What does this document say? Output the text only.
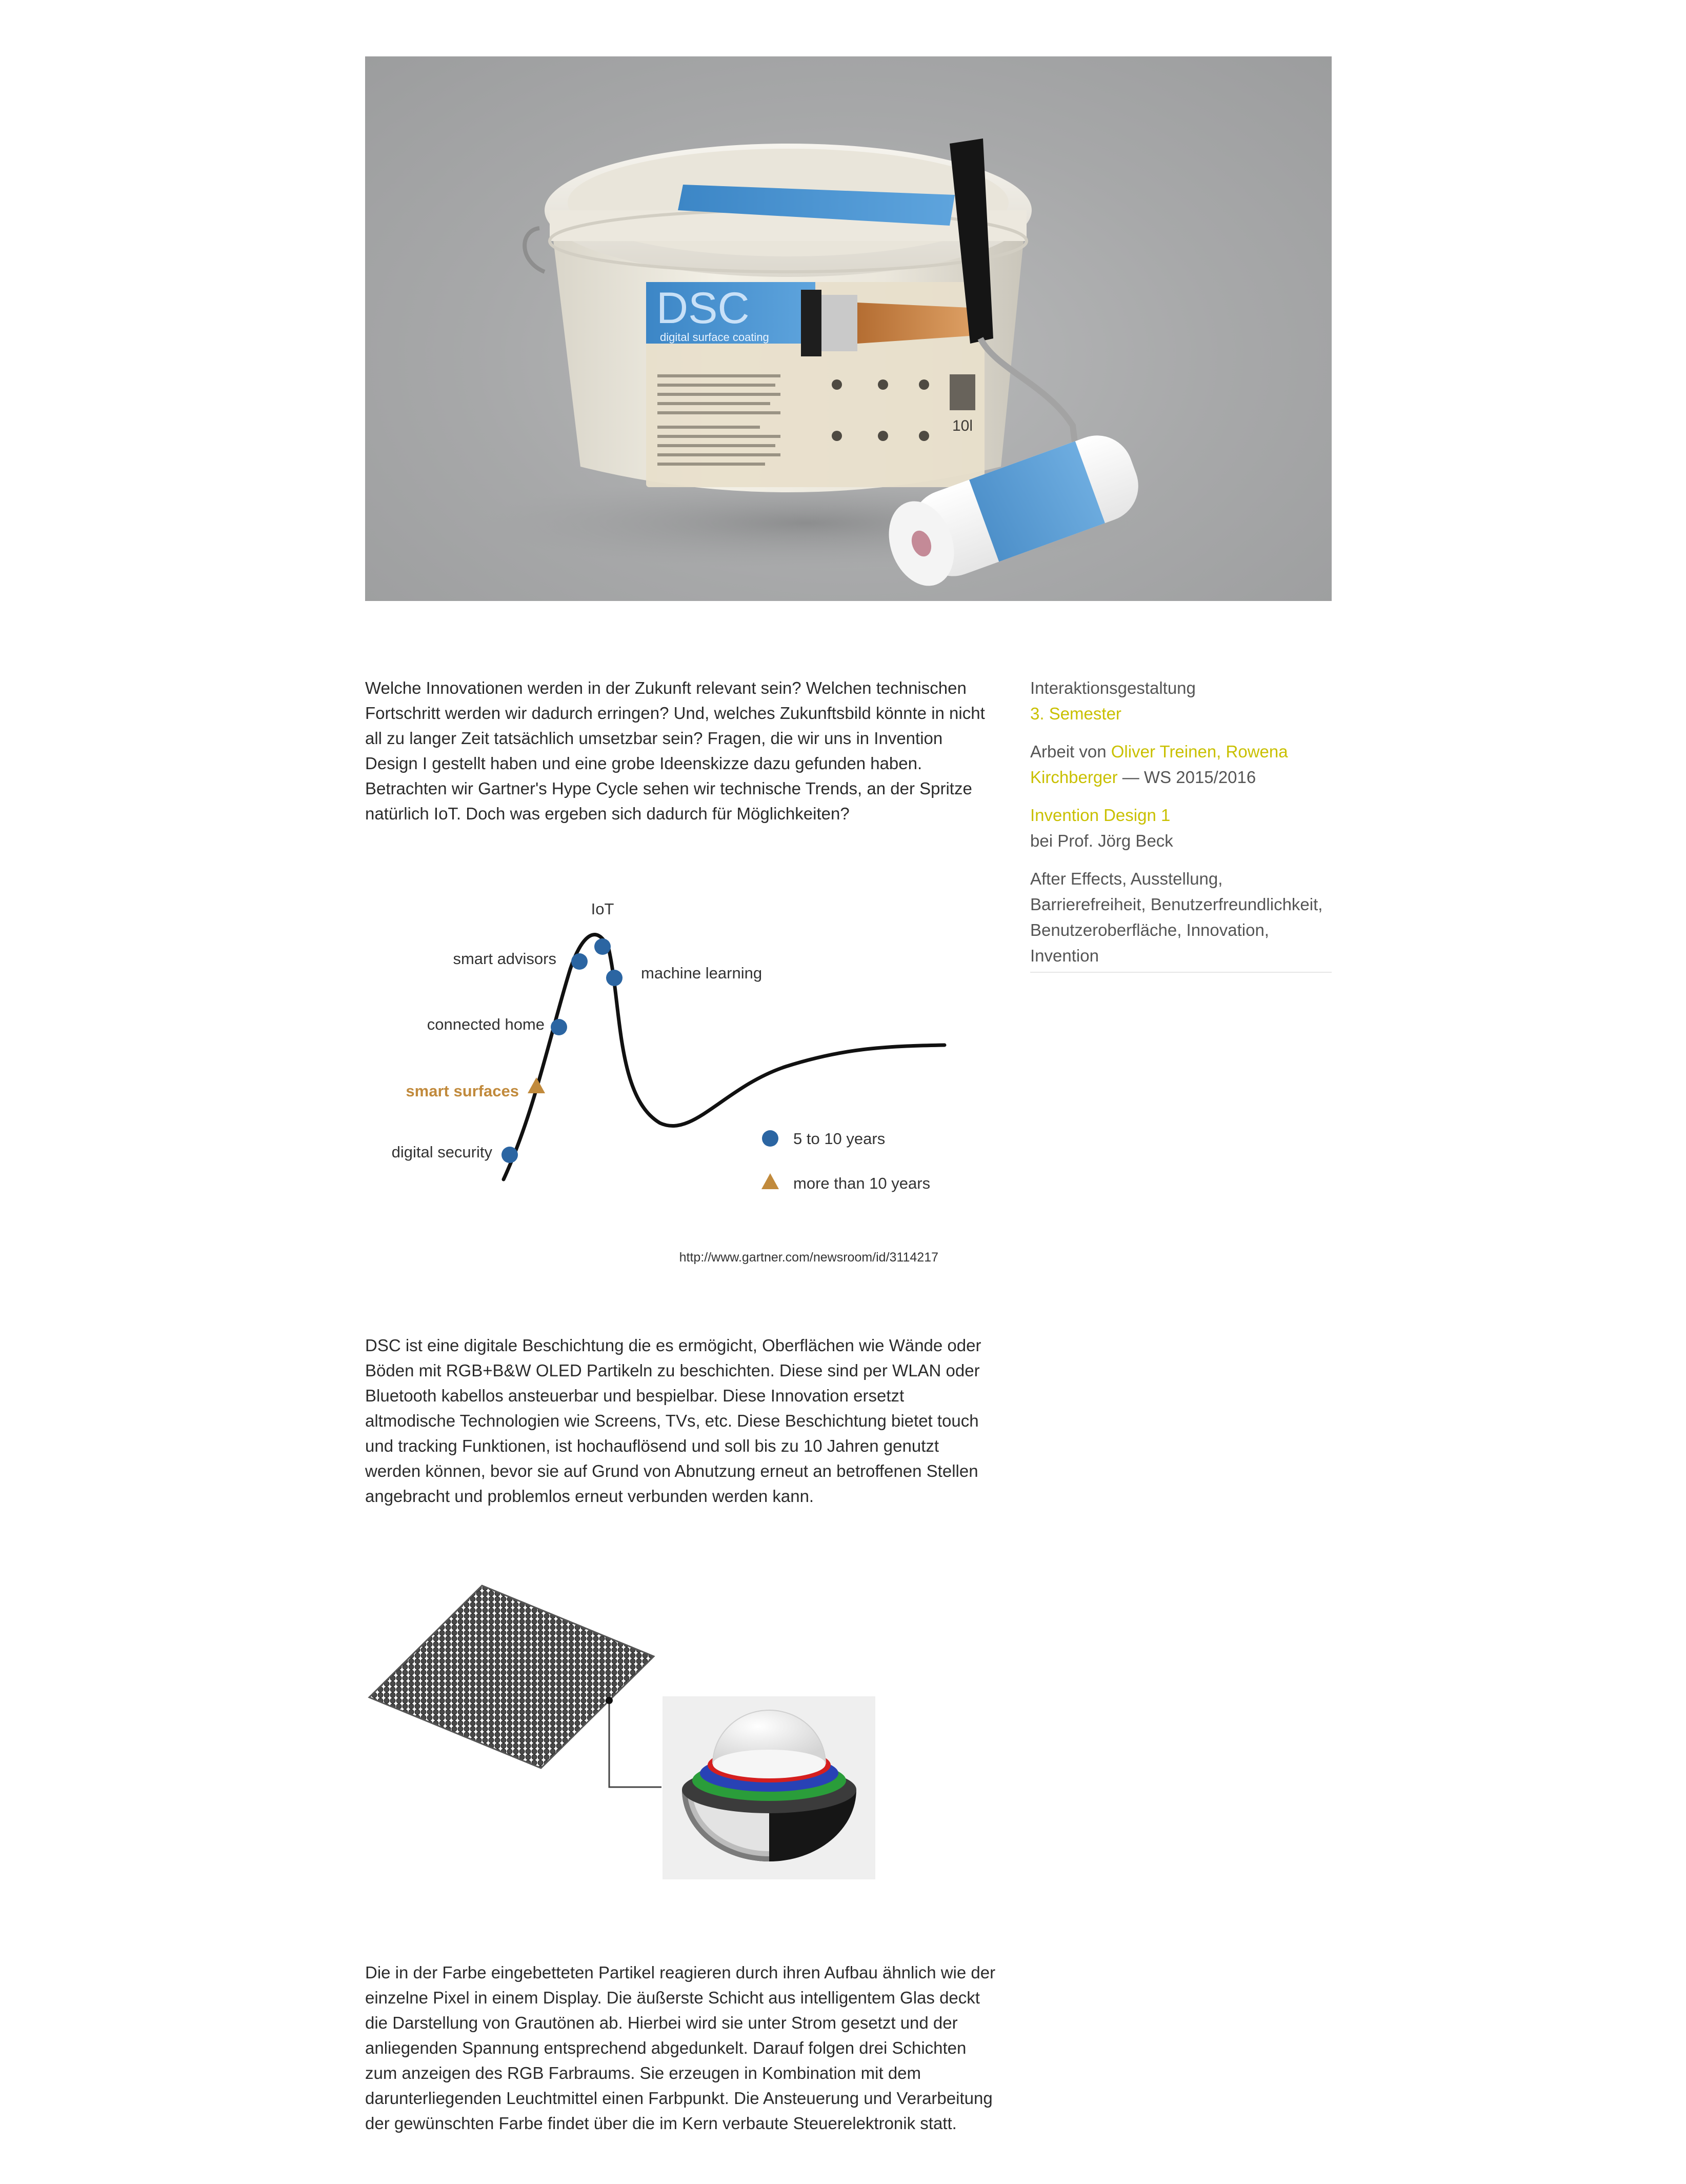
DSC
digital surface coating
10l

Welche Innovationen werden in der Zukunft relevant sein? Welchen technischen Fortschritt werden wir dadurch erringen? Und, welches Zukunftsbild könnte in nicht all zu langer Zeit tatsächlich umsetzbar sein? Fragen, die wir uns in Invention Design I gestellt haben und eine grobe Ideenskizze dazu gefunden haben. Betrachten wir Gartner's Hype Cycle sehen wir technische Trends, an der Spritze natürlich IoT. Doch was ergeben sich dadurch für Möglichkeiten?

Interaktionsgestaltung
3. Semester
Arbeit von Oliver Treinen, Rowena Kirchberger — WS 2015/2016
Invention Design 1
bei Prof. Jörg Beck
After Effects, Ausstellung, Barrierefreiheit, Benutzerfreundlichkeit, Benutzeroberfläche, Innovation, Invention
IoT
smart advisors
machine learning
connected home
smart surfaces
digital security
5 to 10 years
more than 10 years
http://www.gartner.com/newsroom/id/3114217

DSC ist eine digitale Beschichtung die es ermögicht, Oberflächen wie Wände oder Böden mit RGB+B&W OLED Partikeln zu beschichten. Diese sind per WLAN oder Bluetooth kabellos ansteuerbar und bespielbar. Diese Innovation ersetzt altmodische Technologien wie Screens, TVs, etc. Diese Beschichtung bietet touch und tracking Funktionen, ist hochauflösend und soll bis zu 10 Jahren genutzt werden können, bevor sie auf Grund von Abnutzung erneut an betroffenen Stellen angebracht und problemlos erneut verbunden werden kann.

Die in der Farbe eingebetteten Partikel reagieren durch ihren Aufbau ähnlich wie der einzelne Pixel in einem Display. Die äußerste Schicht aus intelligentem Glas deckt die Darstellung von Grautönen ab. Hierbei wird sie unter Strom gesetzt und der anliegenden Spannung entsprechend abgedunkelt. Darauf folgen drei Schichten zum anzeigen des RGB Farbraums. Sie erzeugen in Kombination mit dem darunterliegenden Leuchtmittel einen Farbpunkt. Die Ansteuerung und Verarbeitung der gewünschten Farbe findet über die im Kern verbaute Steuerelektronik statt.
